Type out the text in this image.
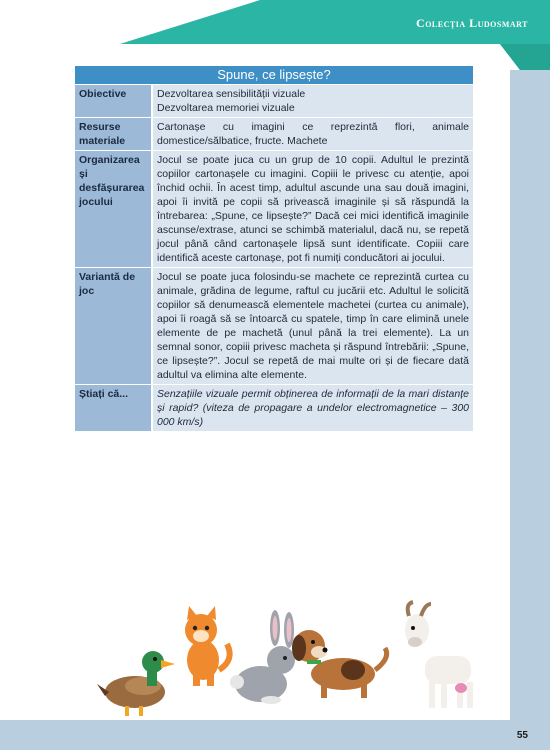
Colecția Ludosmart
Spune, ce lipsește?
Obiective	Dezvoltarea sensibilității vizuale

Dezvoltarea memoriei vizuale

Resurse materiale

Cartonașe cu imagini ce reprezintă flori, animale domestice/sălbatice, fructe. Machete

Organizarea și desfășurarea jocului

Jocul se poate juca cu un grup de 10 copii. Adultul le prezintă copiilor cartonașele cu imagini. Copiii le privesc cu atenție, apoi închid ochii. În acest timp, adultul ascunde una sau două imagini, apoi îi invită pe copii să privească imaginile și să răspundă la întrebarea: „Spune, ce lipsește?” Dacă cei mici identifică imaginile ascunse/extrase, atunci se schimbă materialul, dacă nu, se repetă jocul până când cartonașele lipsă sunt identificate. Copiii care identifică aceste cartonașe, pot fi numiți conducători ai jocului.

Variantă de joc

Jocul se poate juca folosindu-se machete ce reprezintă curtea cu animale, grădina de legume, raftul cu jucării etc. Adultul le solicită copiilor să denumească elementele machetei (curtea cu animale), apoi îi roagă să se întoarcă cu spatele, timp în care elimină unele elemente de pe machetă (unul până la trei elemente). La un semnal sonor, copiii privesc macheta și răspund întrebării: „Spune, ce lipsește?”. Jocul se repetă de mai multe ori și de fiecare dată adultul va elimina alte elemente.

Știați că...	Senzațiile vizuale permit obținerea de informații de la mari distanțe și rapid? (viteza de propagare a undelor electromagnetice – 300 000 km/s)

55
